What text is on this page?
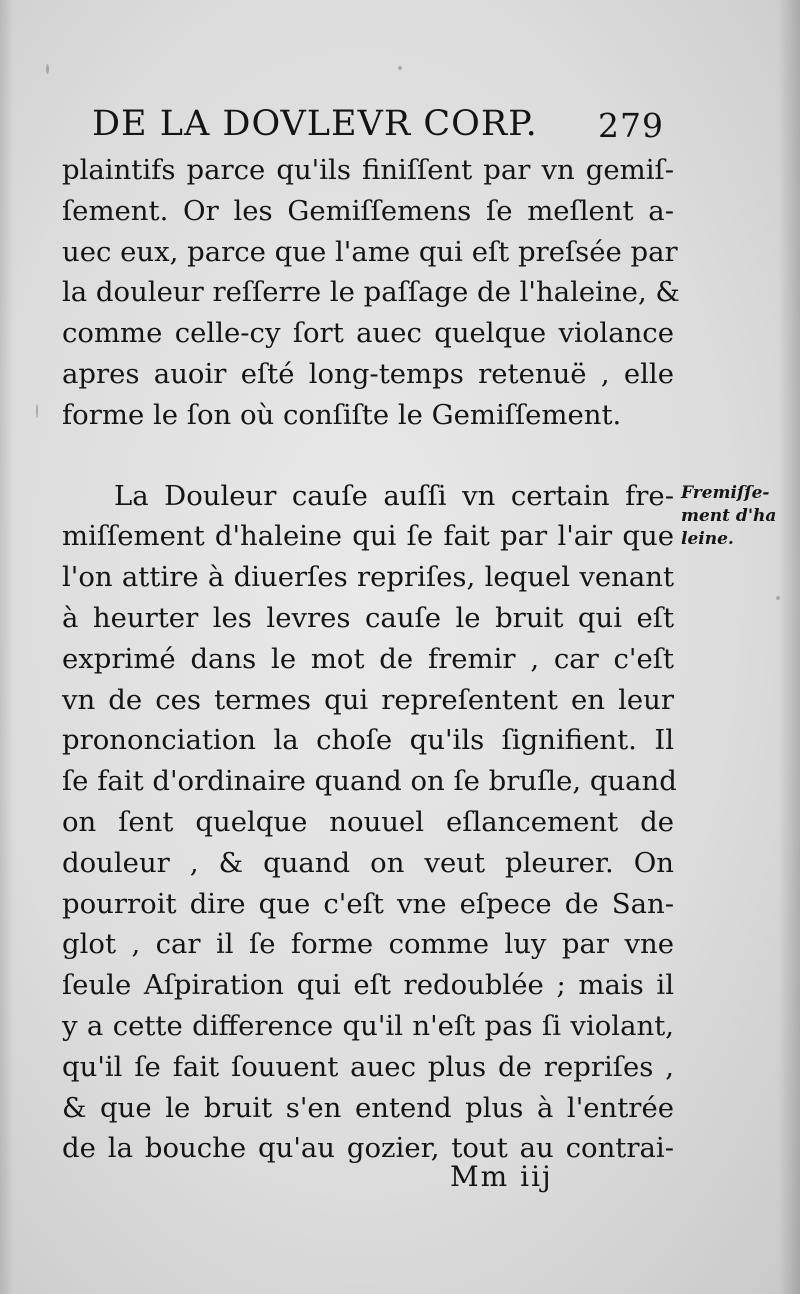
DE LA DOVLEVR CORP. 279
plaintifs parce qu'ils finiſſent par vn gemiſ-
ſement. Or les Gemiſſemens ſe meſlent a-
uec eux, parce que l'ame qui eſt preſsée par
la douleur reſſerre le paſſage de l'haleine, &
comme celle-cy ſort auec quelque violance
apres auoir eſté long-temps retenuë , elle
forme le ſon où conſiſte le Gemiſſement.
La Douleur cauſe auſſi vn certain fre-
miſſement d'haleine qui ſe fait par l'air que
l'on attire à diuerſes repriſes, lequel venant
à heurter les levres cauſe le bruit qui eſt
exprimé dans le mot de fremir , car c'eſt
vn de ces termes qui repreſentent en leur
prononciation la choſe qu'ils ſignifient. Il
ſe fait d'ordinaire quand on ſe bruſle, quand
on ſent quelque nouuel eſlancement de
douleur , & quand on veut pleurer. On
pourroit dire que c'eſt vne eſpece de San-
glot , car il ſe forme comme luy par vne
ſeule Aſpiration qui eſt redoublée ; mais il
y a cette difference qu'il n'eſt pas ſi violant,
qu'il ſe fait ſouuent auec plus de repriſes ,
& que le bruit s'en entend plus à l'entrée
de la bouche qu'au gozier, tout au contrai-
Fremiſſe-
ment d'ha
leine.
Mm iij
